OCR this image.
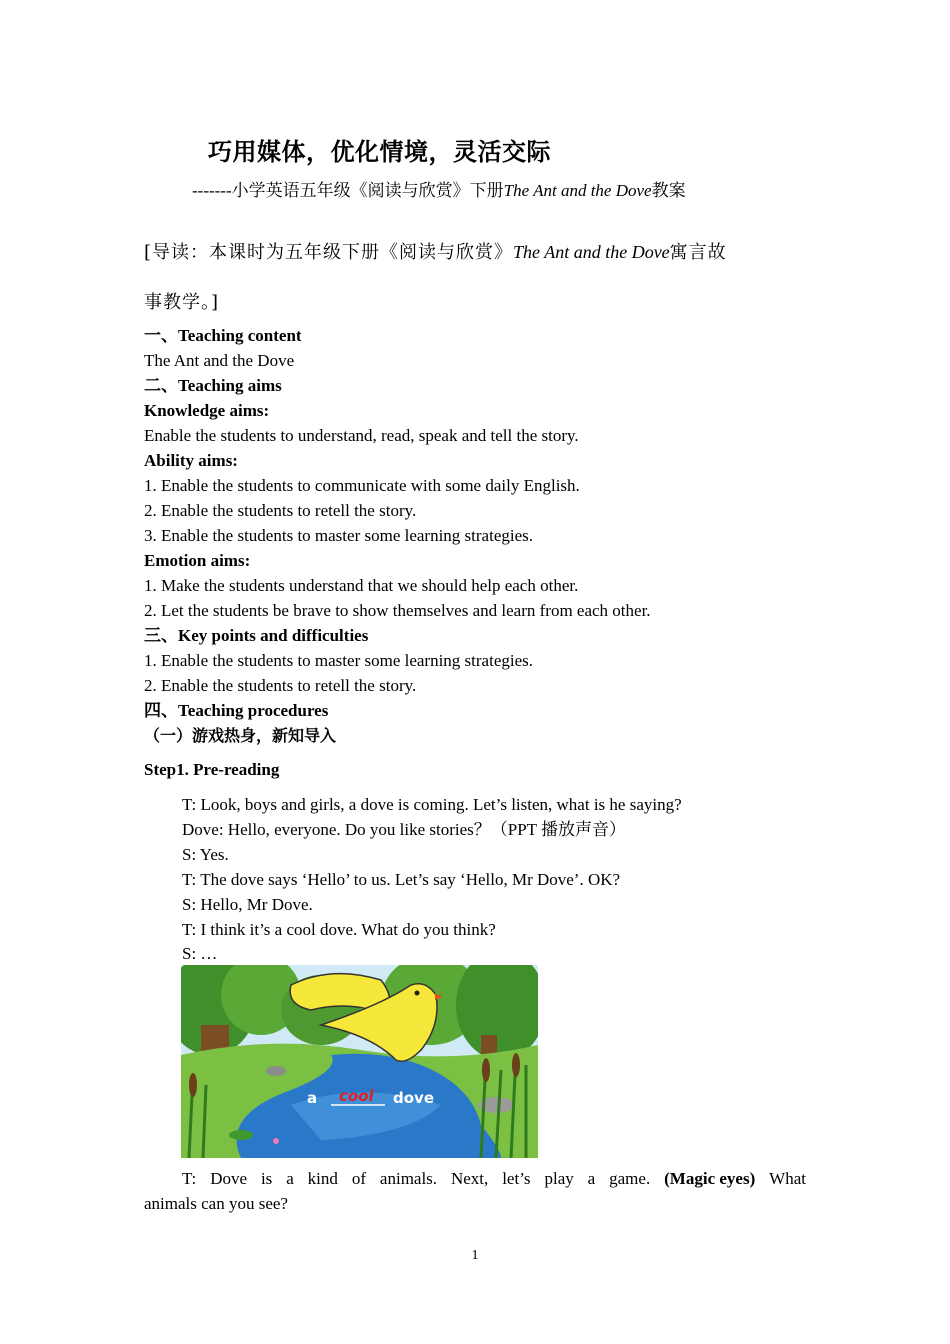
巧用媒体，优化情境，灵活交际
-------小学英语五年级《阅读与欣赏》下册The Ant and the Dove教案
[导读：本课时为五年级下册《阅读与欣赏》The Ant and the Dove寓言故
事教学。]
一、Teaching content
The Ant and the Dove
二、Teaching aims
Knowledge aims:
Enable the students to understand, read, speak and tell the story.
Ability aims:
1. Enable the students to communicate with some daily English.
2. Enable the students to retell the story.
3. Enable the students to master some learning strategies.
Emotion aims:
1. Make the students understand that we should help each other.
2. Let the students be brave to show themselves and learn from each other.
三、Key points and difficulties
1. Enable the students to master some learning strategies.
2. Enable the students to retell the story.
四、Teaching procedures
（一）游戏热身，新知导入
Step1. Pre-reading
T: Look, boys and girls, a dove is coming. Let’s listen, what is he saying?
Dove: Hello, everyone. Do you like stories？（PPT 播放声音）
S: Yes.
T: The dove says ‘Hello’ to us. Let’s say ‘Hello, Mr Dove’. OK?
S: Hello, Mr Dove.
T: I think it’s a cool dove. What do you think?
S: …
a cool dove
T: Dove is a kind of animals. Next, let’s play a game. (Magic eyes) What
animals can you see?
1
